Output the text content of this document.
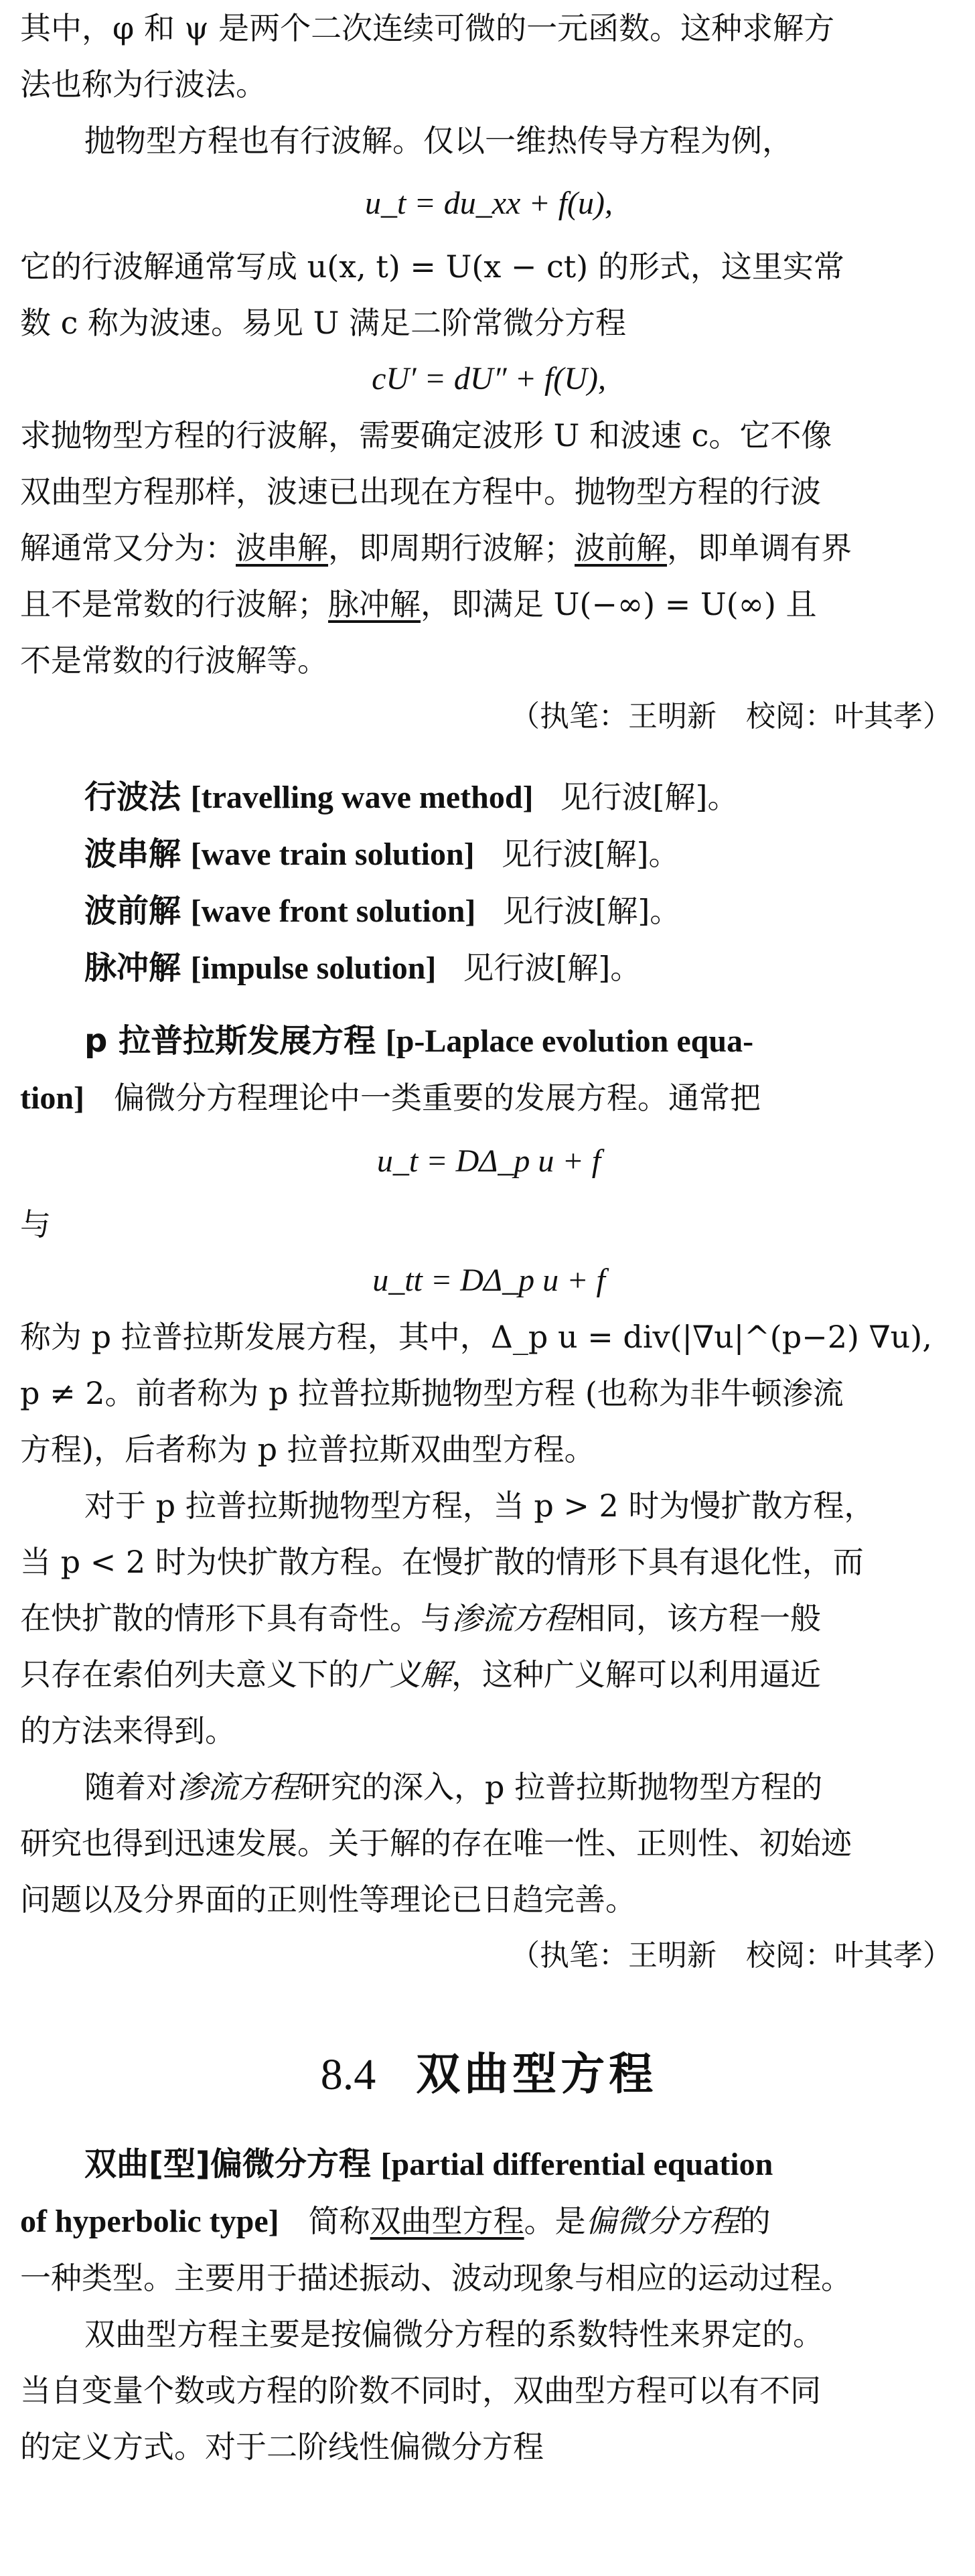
其中，φ 和 ψ 是两个二次连续可微的一元函数。这种求解方

法也称为行波法。

抛物型方程也有行波解。仅以一维热传导方程为例，

u_t = du_xx + f(u),

它的行波解通常写成 u(x, t) = U(x − ct) 的形式，这里实常

数 c 称为波速。易见 U 满足二阶常微分方程

cU′ = dU″ + f(U),

求抛物型方程的行波解，需要确定波形 U 和波速 c。它不像

双曲型方程那样，波速已出现在方程中。抛物型方程的行波

解通常又分为：波串解，即周期行波解；波前解，即单调有界

且不是常数的行波解；脉冲解，即满足 U(−∞) = U(∞) 且

不是常数的行波解等。

（执笔：王明新　校阅：叶其孝）

行波法 [travelling wave method] 见行波[解]。

波串解 [wave train solution] 见行波[解]。

波前解 [wave front solution] 见行波[解]。

脉冲解 [impulse solution] 见行波[解]。

p 拉普拉斯发展方程 [p-Laplace evolution equa-

tion] 偏微分方程理论中一类重要的发展方程。通常把

u_t = DΔ_p u + f

与

u_tt = DΔ_p u + f

称为 p 拉普拉斯发展方程，其中，Δ_p u = div(|∇u|^(p−2) ∇u),

p ≠ 2。前者称为 p 拉普拉斯抛物型方程 (也称为非牛顿渗流

方程)，后者称为 p 拉普拉斯双曲型方程。

对于 p 拉普拉斯抛物型方程，当 p > 2 时为慢扩散方程，

当 p < 2 时为快扩散方程。在慢扩散的情形下具有退化性，而

在快扩散的情形下具有奇性。与渗流方程相同，该方程一般

只存在索伯列夫意义下的广义解，这种广义解可以利用逼近

的方法来得到。

随着对渗流方程研究的深入，p 拉普拉斯抛物型方程的

研究也得到迅速发展。关于解的存在唯一性、正则性、初始迹

问题以及分界面的正则性等理论已日趋完善。

（执笔：王明新　校阅：叶其孝）

8.4 双曲型方程

双曲[型]偏微分方程 [partial differential equation

of hyperbolic type] 简称双曲型方程。是偏微分方程的

一种类型。主要用于描述振动、波动现象与相应的运动过程。

双曲型方程主要是按偏微分方程的系数特性来界定的。

当自变量个数或方程的阶数不同时，双曲型方程可以有不同

的定义方式。对于二阶线性偏微分方程
